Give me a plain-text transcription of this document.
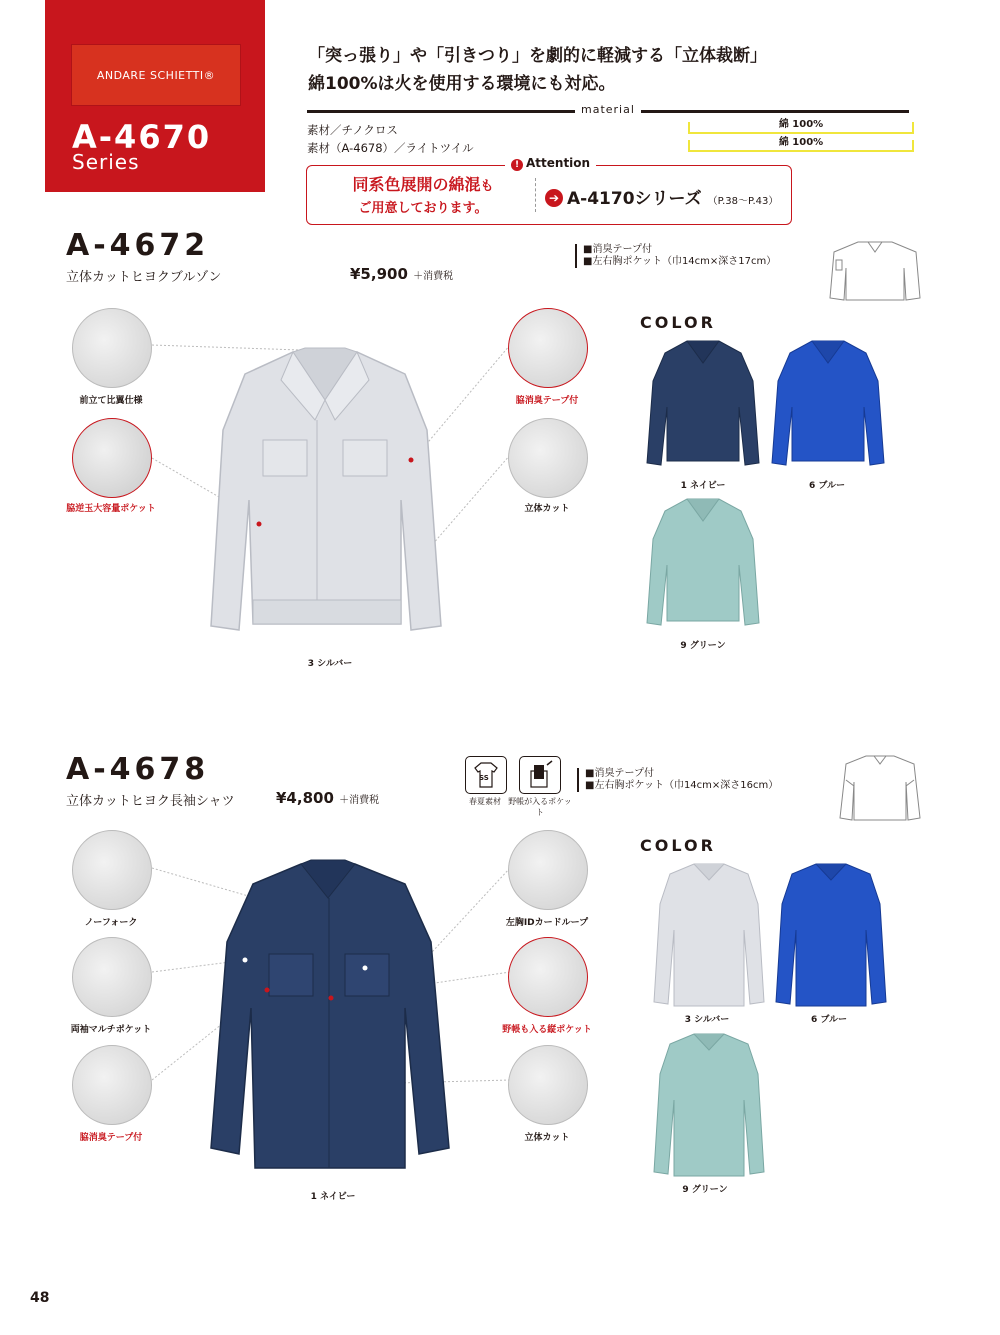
ANDARE SCHIETTI®
A-4670
Series
「突っ張り」や「引きつり」を劇的に軽減する「立体裁断」
綿100%は火を使用する環境にも対応。
material
素材／チノクロス	綿 100%
素材（A-4678）／ライトツイル	綿 100%
! Attention
同系色展開の綿混も
ご用意しております。
➔ A-4170シリーズ （P.38〜P.43）
A-4672
立体カットヒヨクブルゾン	¥5,900 ＋消費税
■消臭テープ付
■左右胸ポケット（巾14cm×深さ17cm）
前立て比翼仕様
脇逆玉大容量ポケット
脇消臭テープ付
立体カット
3 シルバー
COLOR
1 ネイビー	6 ブルー
9 グリーン
A-4678
立体カットヒヨク長袖シャツ	¥4,800 ＋消費税
SS
春夏素材 野帳が入るポケット
■消臭テープ付
■左右胸ポケット（巾14cm×深さ16cm）
ノーフォーク
両袖マルチポケット
脇消臭テープ付
左胸IDカードループ
野帳も入る縦ポケット
立体カット
1 ネイビー
COLOR
3 シルバー	6 ブルー
9 グリーン
48
